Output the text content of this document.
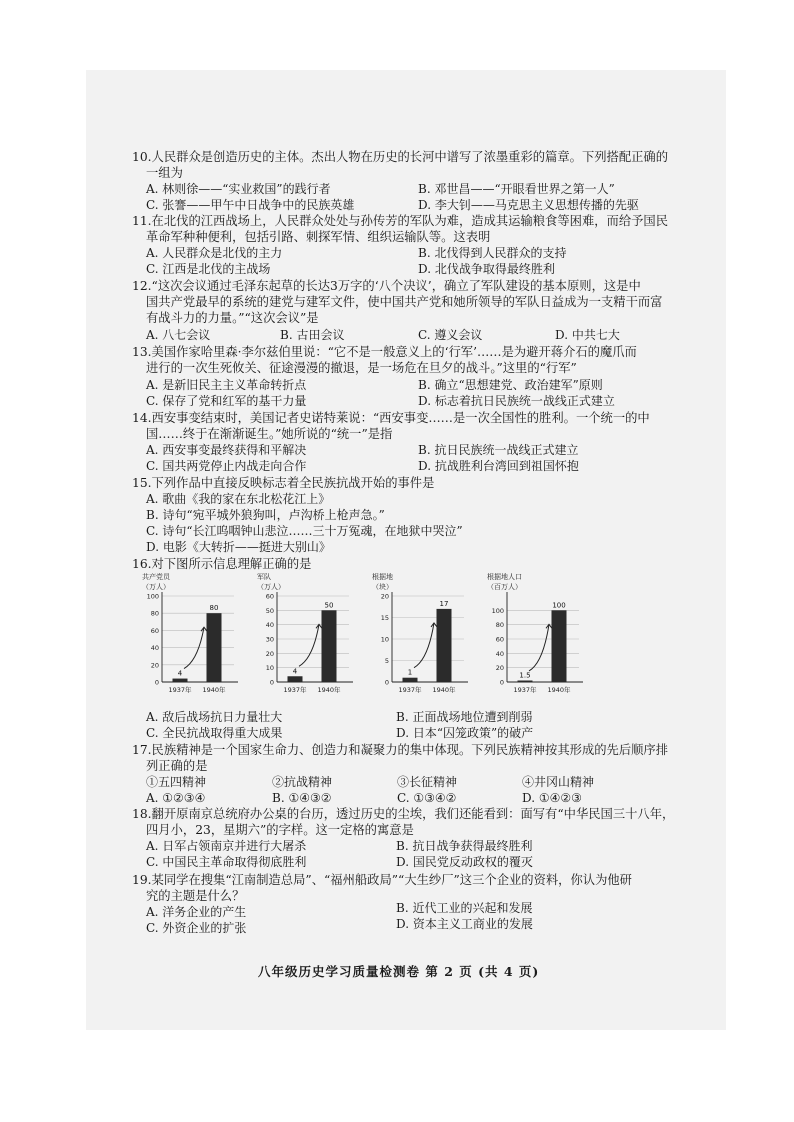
10.人民群众是创造历史的主体。杰出人物在历史的长河中谱写了浓墨重彩的篇章。下列搭配正确的
一组为
A. 林则徐——“实业救国”的践行者	B. 邓世昌——“开眼看世界之第一人”
C. 张謇——甲午中日战争中的民族英雄	D. 李大钊——马克思主义思想传播的先驱
11.在北伐的江西战场上，人民群众处处与孙传芳的军队为难，造成其运输粮食等困难，而给予国民
革命军种种便利，包括引路、刺探军情、组织运输队等。这表明
A. 人民群众是北伐的主力	B. 北伐得到人民群众的支持
C. 江西是北伐的主战场	D. 北伐战争取得最终胜利
12.“这次会议通过毛泽东起草的长达3万字的‘八个决议’，确立了军队建设的基本原则，这是中
国共产党最早的系统的建党与建军文件，使中国共产党和她所领导的军队日益成为一支精干而富
有战斗力的力量。”“这次会议”是
A. 八七会议	B. 古田会议	C. 遵义会议	D. 中共七大
13.美国作家哈里森·李尔兹伯里说：“它不是一般意义上的‘行军’……是为避开蒋介石的魔爪而
进行的一次生死攸关、征途漫漫的撤退，是一场危在旦夕的战斗。”这里的“行军”
A. 是新旧民主主义革命转折点	B. 确立“思想建党、政治建军”原则
C. 保存了党和红军的基干力量	D. 标志着抗日民族统一战线正式建立
14.西安事变结束时，美国记者史诺特莱说：“西安事变……是一次全国性的胜利。一个统一的中
国……终于在渐渐诞生。”她所说的“统一”是指
A. 西安事变最终获得和平解决	B. 抗日民族统一战线正式建立
C. 国共两党停止内战走向合作	D. 抗战胜利台湾回到祖国怀抱
15.下列作品中直接反映标志着全民族抗战开始的事件是
A. 歌曲《我的家在东北松花江上》
B. 诗句“宛平城外狼狗叫，卢沟桥上枪声急。”
C. 诗句“长江呜咽钟山悲泣……三十万冤魂，在地狱中哭泣”
D. 电影《大转折——挺进大别山》
16.对下图所示信息理解正确的是
共产党员
（万人）
0
20
40
60
80
100
4
1937年
80
1940年
军队
（万人）
0
10
20
30
40
50
60
4
1937年
50
1940年
根据地
（块）
0
5
10
15
20
1
1937年
17
1940年
根据地人口
（百万人）
0
20
40
60
80
100
1.5
1937年
100
1940年
A. 敌后战场抗日力量壮大	B. 正面战场地位遭到削弱
C. 全民抗战取得重大成果	D. 日本“囚笼政策”的破产
17.民族精神是一个国家生命力、创造力和凝聚力的集中体现。下列民族精神按其形成的先后顺序排
列正确的是
①五四精神	②抗战精神	③长征精神	④井冈山精神
A. ①②③④	B. ①④③②	C. ①③④②	D. ①④②③
18.翻开原南京总统府办公桌的台历，透过历史的尘埃，我们还能看到：面写有“中华民国三十八年，
四月小，23，星期六”的字样。这一定格的寓意是
A. 日军占领南京并进行大屠杀	B. 抗日战争获得最终胜利
C. 中国民主革命取得彻底胜利	D. 国民党反动政权的覆灭
19.某同学在搜集“江南制造总局”、“福州船政局”“大生纱厂”这三个企业的资料，你认为他研
究的主题是什么？
A. 洋务企业的产生	B. 近代工业的兴起和发展
C. 外资企业的扩张	D. 资本主义工商业的发展
八年级历史学习质量检测卷 第 2 页 (共 4 页)
